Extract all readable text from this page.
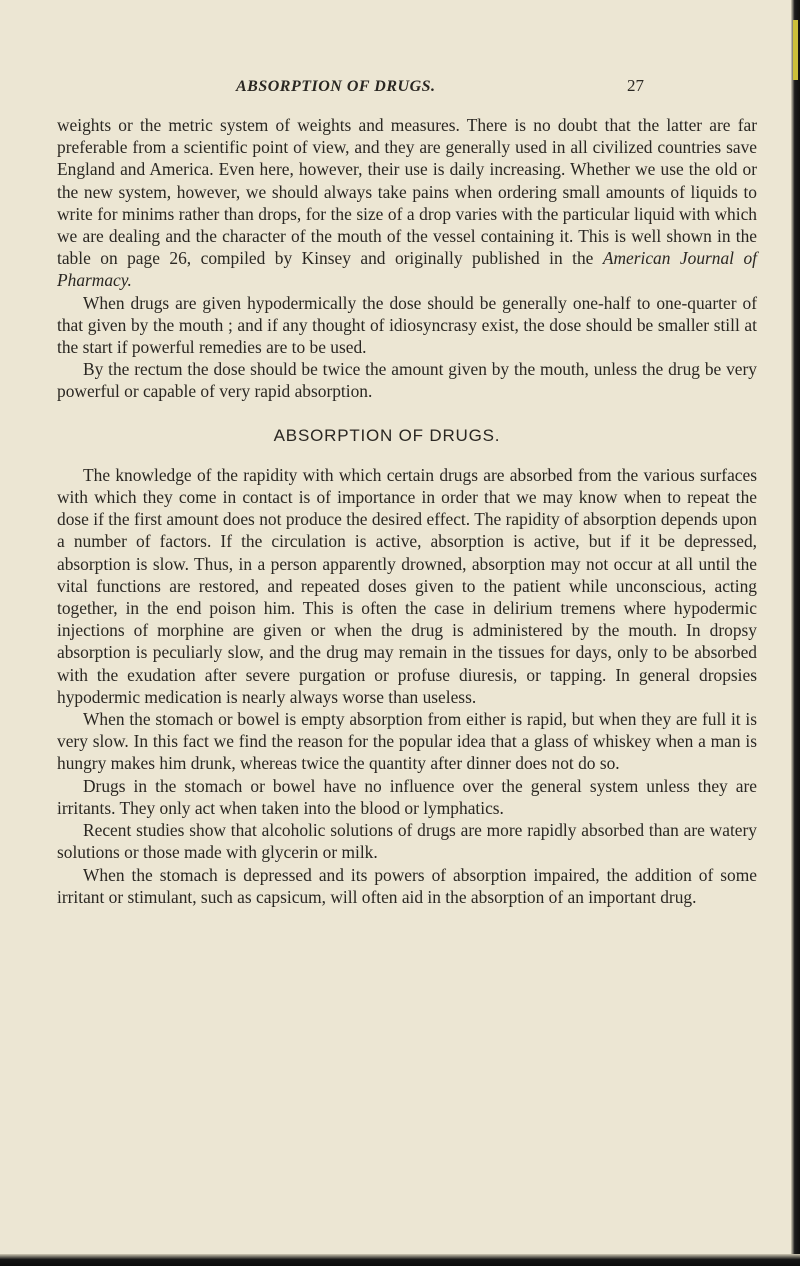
ABSORPTION OF DRUGS.	27

weights or the metric system of weights and measures. There is no doubt that the latter are far preferable from a scientific point of view, and they are generally used in all civilized countries save England and America. Even here, however, their use is daily increasing. Whether we use the old or the new system, however, we should always take pains when ordering small amounts of liquids to write for minims rather than drops, for the size of a drop varies with the particular liquid with which we are dealing and the character of the mouth of the vessel containing it. This is well shown in the table on page 26, compiled by Kinsey and originally published in the American Journal of Pharmacy.

When drugs are given hypodermically the dose should be generally one-half to one-quarter of that given by the mouth ; and if any thought of idiosyncrasy exist, the dose should be smaller still at the start if powerful remedies are to be used.

By the rectum the dose should be twice the amount given by the mouth, unless the drug be very powerful or capable of very rapid absorption.

ABSORPTION OF DRUGS.

The knowledge of the rapidity with which certain drugs are absorbed from the various surfaces with which they come in contact is of importance in order that we may know when to repeat the dose if the first amount does not produce the desired effect. The rapidity of absorption depends upon a number of factors. If the circulation is active, absorption is active, but if it be depressed, absorption is slow. Thus, in a person apparently drowned, absorption may not occur at all until the vital functions are restored, and repeated doses given to the patient while unconscious, acting together, in the end poison him. This is often the case in delirium tremens where hypodermic injections of morphine are given or when the drug is administered by the mouth. In dropsy absorption is peculiarly slow, and the drug may remain in the tissues for days, only to be absorbed with the exudation after severe purgation or profuse diuresis, or tapping. In general dropsies hypodermic medication is nearly always worse than useless.

When the stomach or bowel is empty absorption from either is rapid, but when they are full it is very slow. In this fact we find the reason for the popular idea that a glass of whiskey when a man is hungry makes him drunk, whereas twice the quantity after dinner does not do so.

Drugs in the stomach or bowel have no influence over the general system unless they are irritants. They only act when taken into the blood or lymphatics.

Recent studies show that alcoholic solutions of drugs are more rapidly absorbed than are watery solutions or those made with glycerin or milk.

When the stomach is depressed and its powers of absorption impaired, the addition of some irritant or stimulant, such as capsicum, will often aid in the absorption of an important drug.
